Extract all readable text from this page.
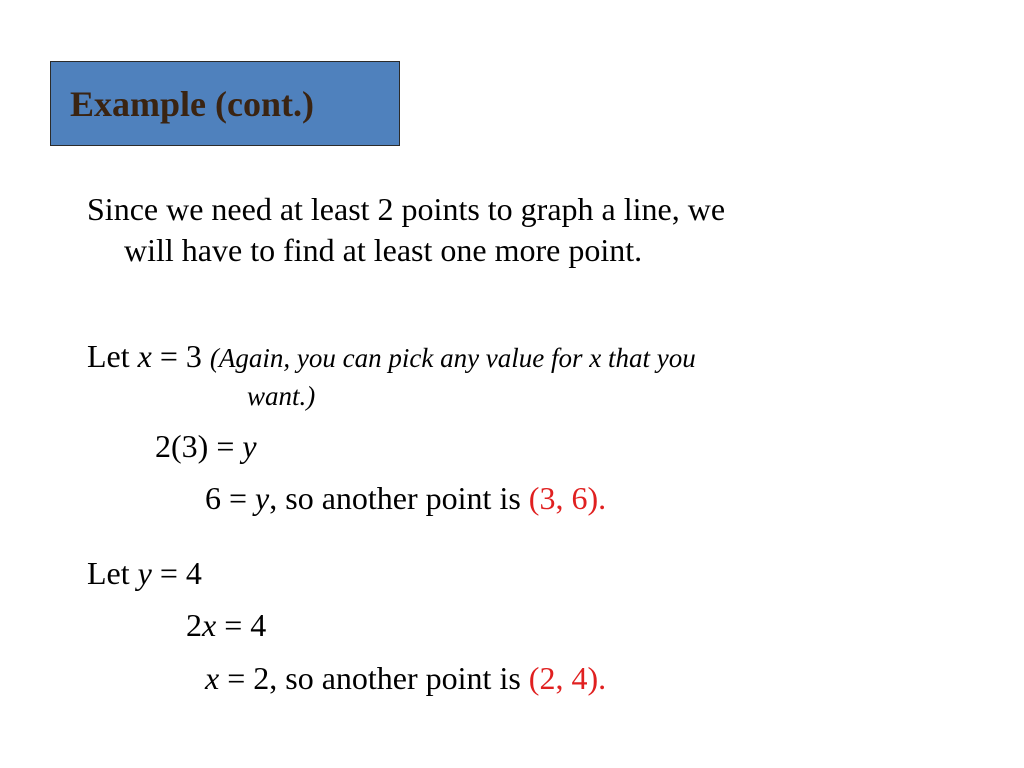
Example (cont.)
Since we need at least 2 points to graph a line, we
will have to find at least one more point.
Let x = 3 (Again, you can pick any value for x that you
want.)
2(3) = y
6 = y, so another point is (3, 6).
Let y = 4
2x = 4
x = 2, so another point is (2, 4).
